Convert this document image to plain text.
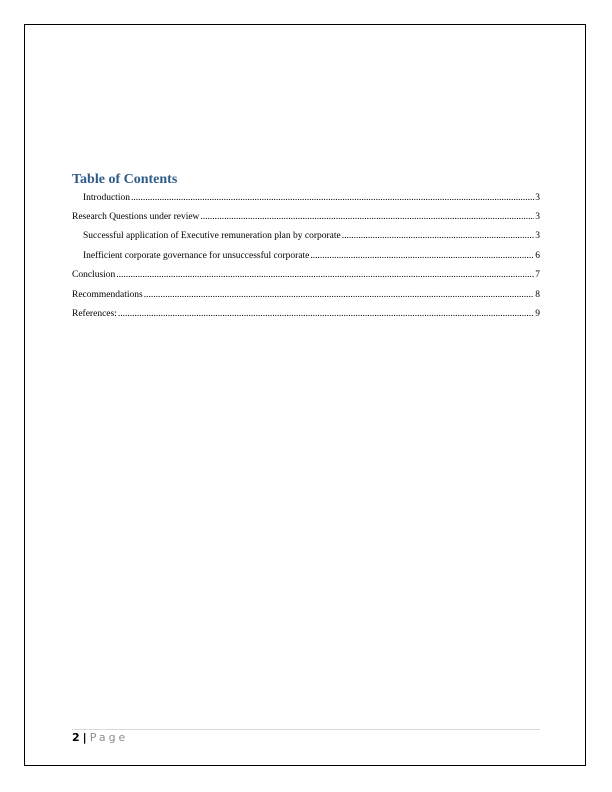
Table of Contents
Introduction .....	3
Research Questions under review .....	3
Successful application of Executive remuneration plan by corporate .....	3
Inefficient corporate governance for unsuccessful corporate .....	6
Conclusion .....	7
Recommendations .....	8
References: .....	9
2 | Page
